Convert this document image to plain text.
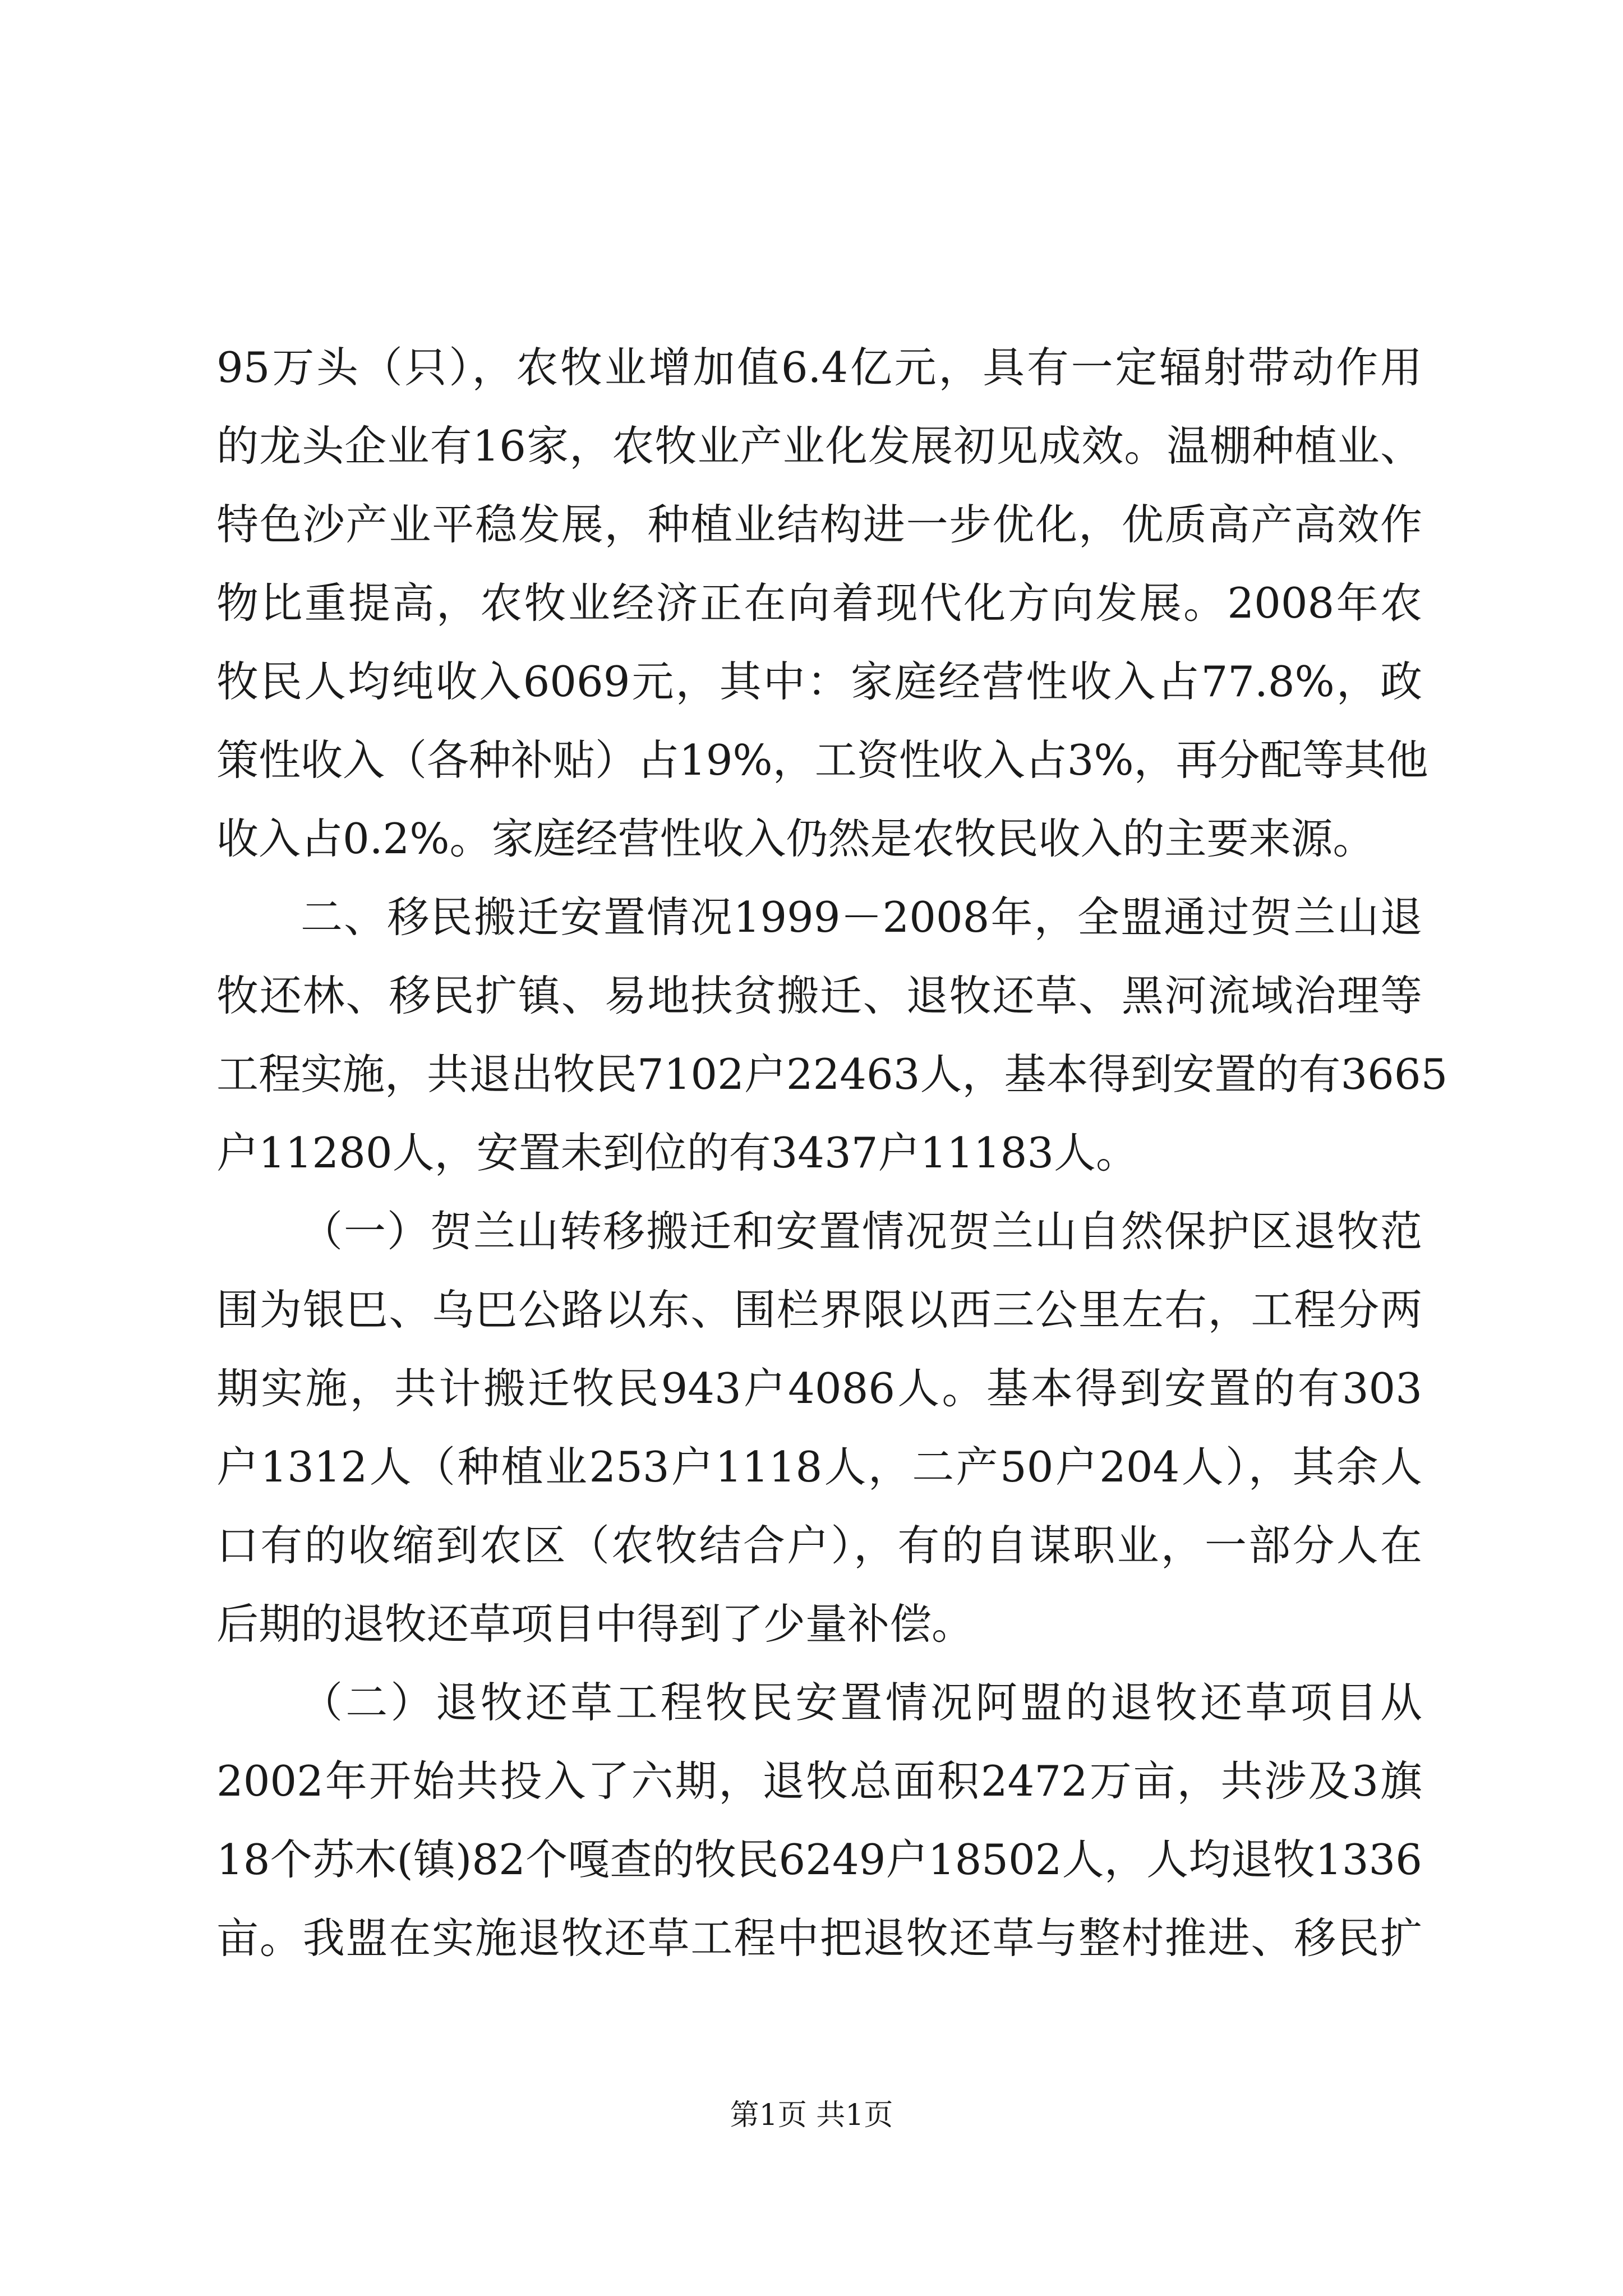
95万头（只），农牧业增加值6.4亿元，具有一定辐射带动作用
的龙头企业有16家，农牧业产业化发展初见成效。温棚种植业、
特色沙产业平稳发展，种植业结构进一步优化，优质高产高效作
物比重提高，农牧业经济正在向着现代化方向发展。2008年农
牧民人均纯收入6069元，其中：家庭经营性收入占77.8%，政
策性收入（各种补贴）占19%，工资性收入占3%，再分配等其他
收入占0.2%。家庭经营性收入仍然是农牧民收入的主要来源。
二、移民搬迁安置情况1999－2008年，全盟通过贺兰山退
牧还林、移民扩镇、易地扶贫搬迁、退牧还草、黑河流域治理等
工程实施，共退出牧民7102户22463人，基本得到安置的有3665
户11280人，安置未到位的有3437户11183人。
（一）贺兰山转移搬迁和安置情况贺兰山自然保护区退牧范
围为银巴、乌巴公路以东、围栏界限以西三公里左右，工程分两
期实施，共计搬迁牧民943户4086人。基本得到安置的有303
户1312人（种植业253户1118人，二产50户204人），其余人
口有的收缩到农区（农牧结合户），有的自谋职业，一部分人在
后期的退牧还草项目中得到了少量补偿。
（二）退牧还草工程牧民安置情况阿盟的退牧还草项目从
2002年开始共投入了六期，退牧总面积2472万亩，共涉及3旗
18个苏木(镇)82个嘎查的牧民6249户18502人，人均退牧1336
亩。我盟在实施退牧还草工程中把退牧还草与整村推进、移民扩
第1页 共1页
